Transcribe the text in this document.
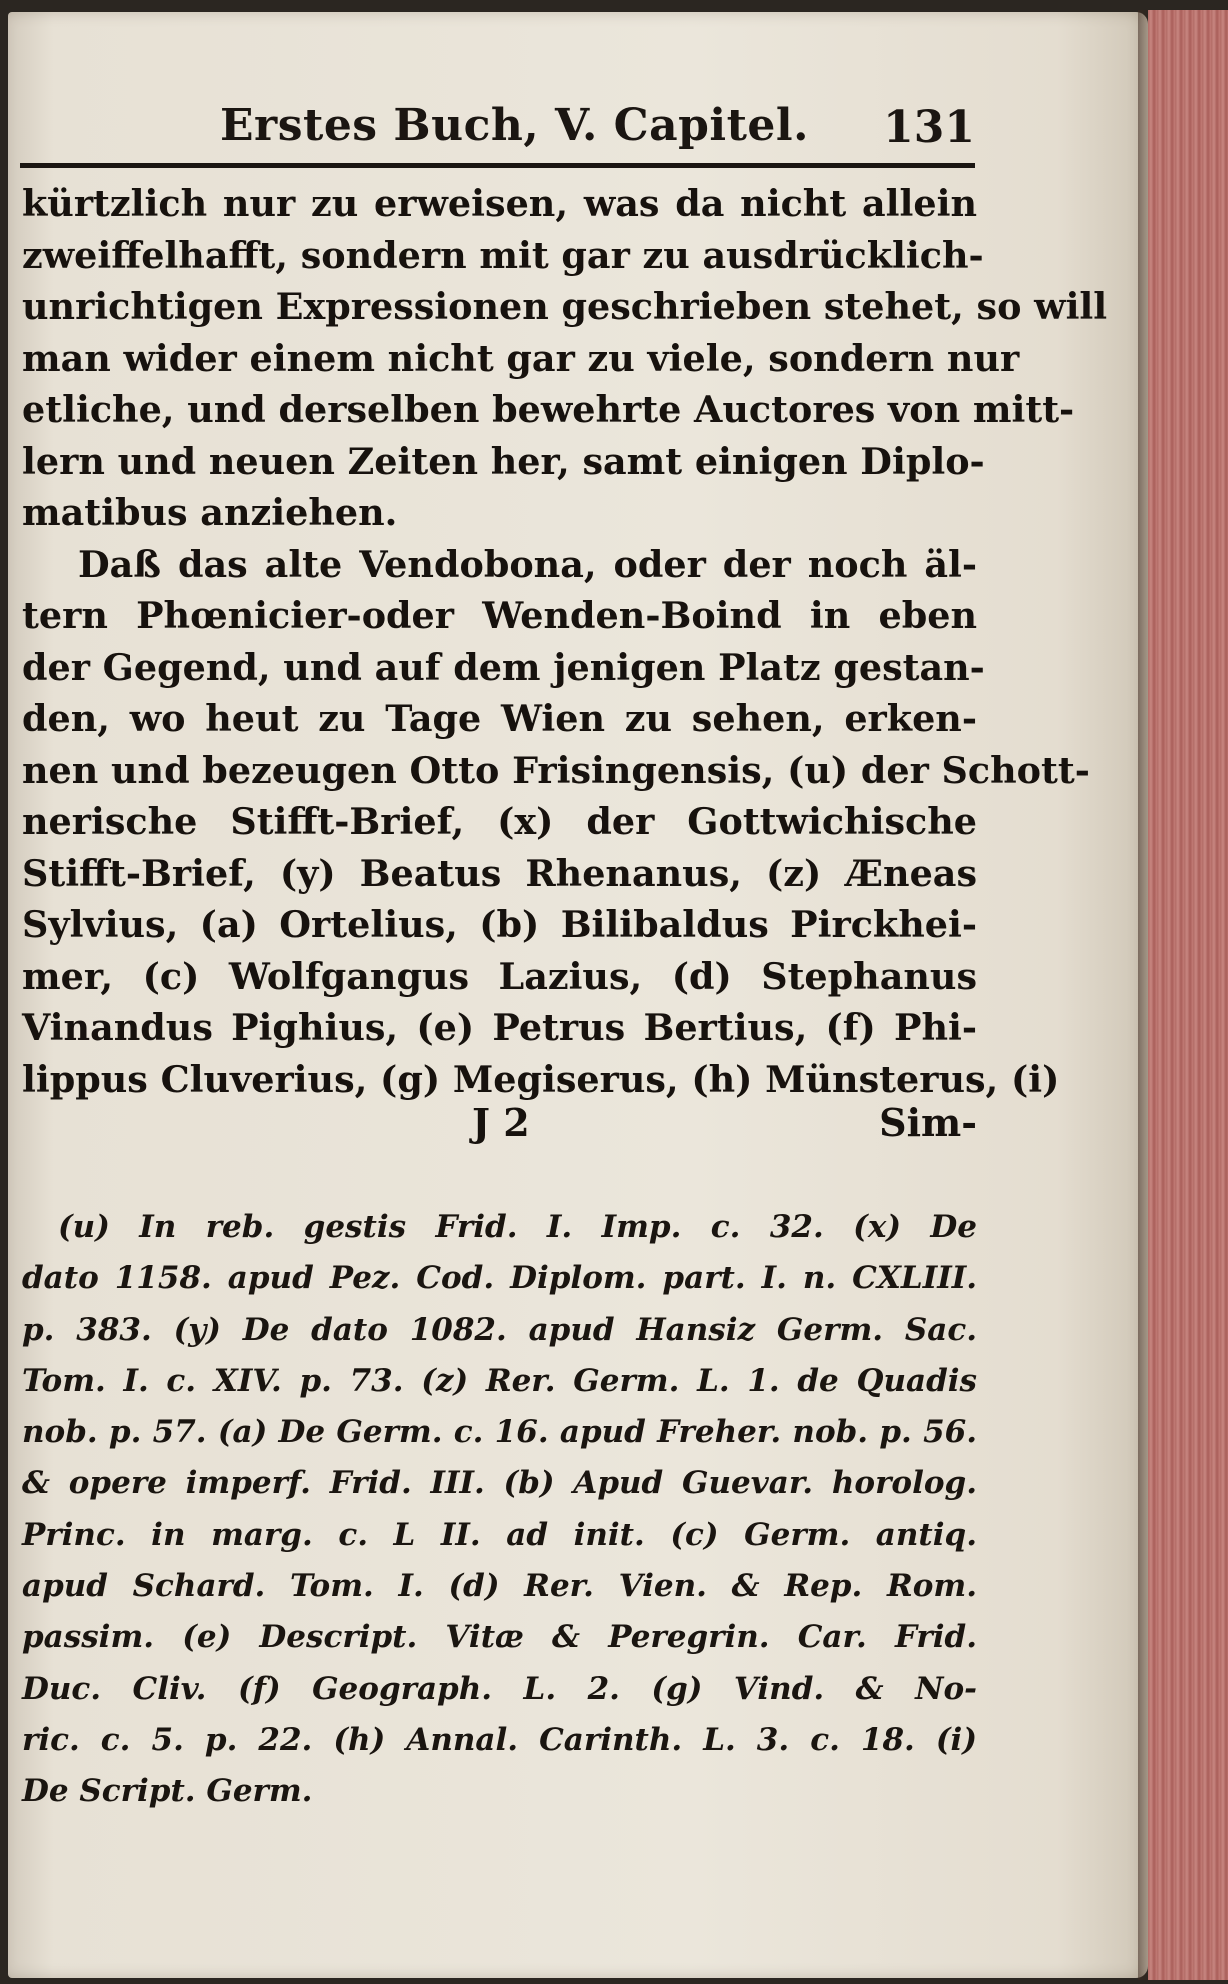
Erstes Buch, V. Capitel. 131
kürtzlich nur zu erweisen, was da nicht allein
zweiffelhafft, sondern mit gar zu ausdrücklich-
unrichtigen Expressionen geschrieben stehet, so will
man wider einem nicht gar zu viele, sondern nur
etliche, und derselben bewehrte Auctores von mitt-
lern und neuen Zeiten her, samt einigen Diplo-
matibus anziehen.
Daß das alte Vendobona, oder der noch äl-
tern Phœnicier-oder Wenden-Boind in eben
der Gegend, und auf dem jenigen Platz gestan-
den, wo heut zu Tage Wien zu sehen, erken-
nen und bezeugen Otto Frisingensis, (u) der Schott-
nerische Stifft-Brief, (x) der Gottwichische
Stifft-Brief, (y) Beatus Rhenanus, (z) Æneas
Sylvius, (a) Ortelius, (b) Bilibaldus Pirckhei-
mer, (c) Wolfgangus Lazius, (d) Stephanus
Vinandus Pighius, (e) Petrus Bertius, (f) Phi-
lippus Cluverius, (g) Megiserus, (h) Münsterus, (i)
J 2	Sim-
(u) In reb. gestis Frid. I. Imp. c. 32. (x) De
dato 1158. apud Pez. Cod. Diplom. part. I. n. CXLIII.
p. 383. (y) De dato 1082. apud Hansiz Germ. Sac.
Tom. I. c. XIV. p. 73. (z) Rer. Germ. L. 1. de Quadis
nob. p. 57. (a) De Germ. c. 16. apud Freher. nob. p. 56.
& opere imperf. Frid. III. (b) Apud Guevar. horolog.
Princ. in marg. c. L II. ad init. (c) Germ. antiq.
apud Schard. Tom. I. (d) Rer. Vien. & Rep. Rom.
passim. (e) Descript. Vitæ & Peregrin. Car. Frid.
Duc. Cliv. (f) Geograph. L. 2. (g) Vind. & No-
ric. c. 5. p. 22. (h) Annal. Carinth. L. 3. c. 18. (i)
De Script. Germ.
